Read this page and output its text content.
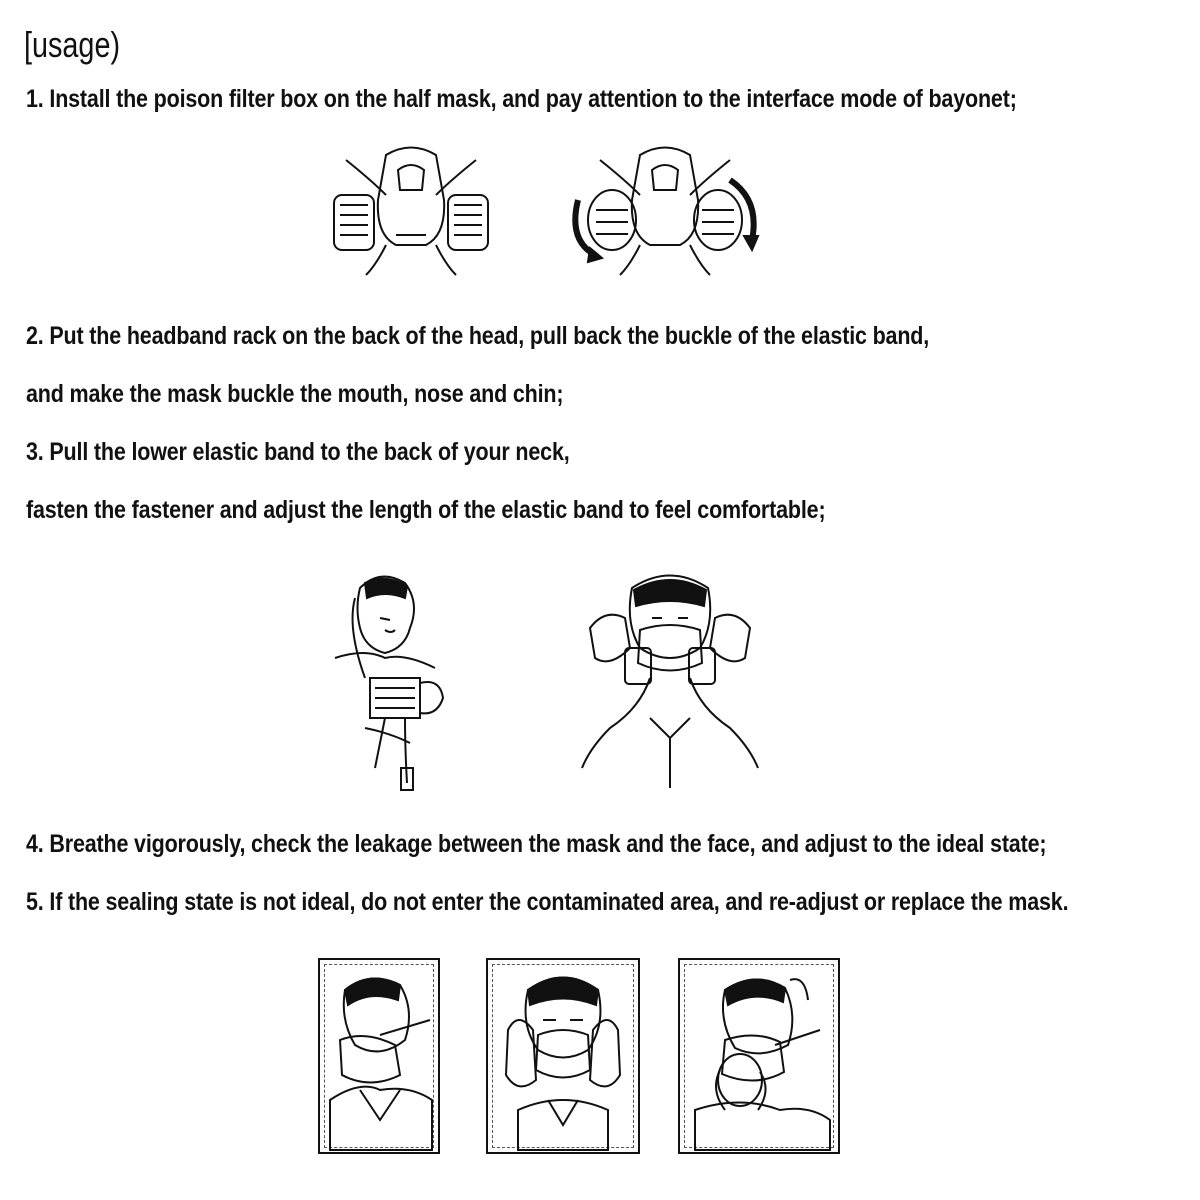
[usage)
1. Install the poison filter box on the half mask, and pay attention to the interface mode of bayonet;
2. Put the headband rack on the back of the head, pull back the buckle of the elastic band,
and make the mask buckle the mouth, nose and chin;
3. Pull the lower elastic band to the back of your neck,
fasten the fastener and adjust the length of the elastic band to feel comfortable;
4. Breathe vigorously, check the leakage between the mask and the face, and adjust to the ideal state;
5. If the sealing state is not ideal, do not enter the contaminated area, and re-adjust or replace the mask.
